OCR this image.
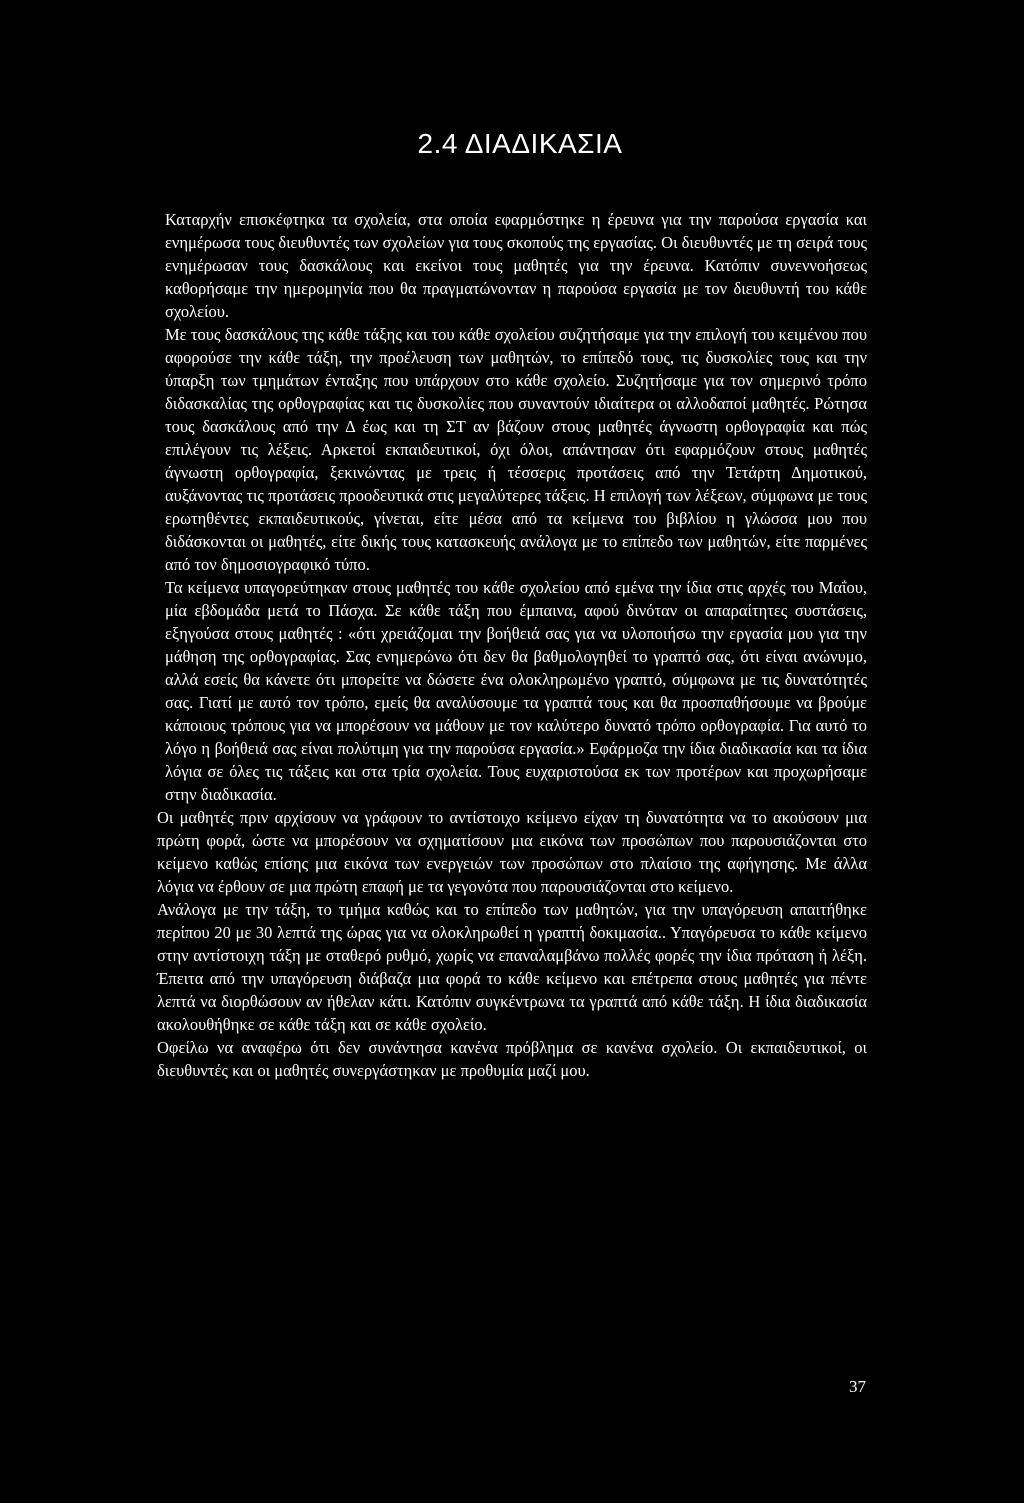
2.4 ΔΙΑΔΙΚΑΣΙΑ

Καταρχήν επισκέφτηκα τα σχολεία, στα οποία εφαρμόστηκε η έρευνα για την παρούσα εργασία και ενημέρωσα τους διευθυντές των σχολείων για τους σκοπούς της εργασίας. Οι διευθυντές με τη σειρά τους ενημέρωσαν τους δασκάλους και εκείνοι τους μαθητές για την έρευνα. Κατόπιν συνεννοήσεως καθορήσαμε την ημερομηνία που θα πραγματώνονταν η παρούσα εργασία με τον διευθυντή του κάθε σχολείου.

Με τους δασκάλους της κάθε τάξης και του κάθε σχολείου συζητήσαμε για την επιλογή του κειμένου που αφορούσε την κάθε τάξη, την προέλευση των μαθητών, το επίπεδό τους, τις δυσκολίες τους και την ύπαρξη των τμημάτων ένταξης που υπάρχουν στο κάθε σχολείο. Συζητήσαμε για τον σημερινό τρόπο διδασκαλίας της ορθογραφίας και τις δυσκολίες που συναντούν ιδιαίτερα οι αλλοδαποί μαθητές. Ρώτησα τους δασκάλους από την Δ έως και τη ΣΤ αν βάζουν στους μαθητές άγνωστη ορθογραφία και πώς επιλέγουν τις λέξεις. Αρκετοί εκπαιδευτικοί, όχι όλοι, απάντησαν ότι εφαρμόζουν στους μαθητές άγνωστη ορθογραφία, ξεκινώντας με τρεις ή τέσσερις προτάσεις από την Τετάρτη Δημοτικού, αυξάνοντας τις προτάσεις προοδευτικά στις μεγαλύτερες τάξεις. Η επιλογή των λέξεων, σύμφωνα με τους ερωτηθέντες εκπαιδευτικούς, γίνεται, είτε μέσα από τα κείμενα του βιβλίου η γλώσσα μου που διδάσκονται οι μαθητές, είτε δικής τους κατασκευής ανάλογα με το επίπεδο των μαθητών, είτε παρμένες από τον δημοσιογραφικό τύπο.

Τα κείμενα υπαγορεύτηκαν στους μαθητές του κάθε σχολείου από εμένα την ίδια στις αρχές του Μαΐου, μία εβδομάδα μετά το Πάσχα. Σε κάθε τάξη που έμπαινα, αφού δινόταν οι απαραίτητες συστάσεις, εξηγούσα στους μαθητές : «ότι χρειάζομαι την βοήθειά σας για να υλοποιήσω την εργασία μου για την μάθηση της ορθογραφίας. Σας ενημερώνω ότι δεν θα βαθμολογηθεί το γραπτό σας, ότι είναι ανώνυμο, αλλά εσείς θα κάνετε ότι μπορείτε να δώσετε ένα ολοκληρωμένο γραπτό, σύμφωνα με τις δυνατότητές σας. Γιατί με αυτό τον τρόπο, εμείς θα αναλύσουμε τα γραπτά τους και θα προσπαθήσουμε να βρούμε κάποιους τρόπους για να μπορέσουν να μάθουν με τον καλύτερο δυνατό τρόπο ορθογραφία. Για αυτό το λόγο η βοήθειά σας είναι πολύτιμη για την παρούσα εργασία.» Εφάρμοζα την ίδια διαδικασία και τα ίδια λόγια σε όλες τις τάξεις και στα τρία σχολεία. Τους ευχαριστούσα εκ των προτέρων και προχωρήσαμε στην διαδικασία.

Οι μαθητές πριν αρχίσουν να γράφουν το αντίστοιχο κείμενο είχαν τη δυνατότητα να το ακούσουν μια πρώτη φορά, ώστε να μπορέσουν να σχηματίσουν μια εικόνα των προσώπων που παρουσιάζονται στο κείμενο καθώς επίσης μια εικόνα των ενεργειών των προσώπων στο πλαίσιο της αφήγησης. Με άλλα λόγια να έρθουν σε μια πρώτη επαφή με τα γεγονότα που παρουσιάζονται στο κείμενο.

Ανάλογα με την τάξη, το τμήμα καθώς και το επίπεδο των μαθητών, για την υπαγόρευση απαιτήθηκε περίπου 20 με 30 λεπτά της ώρας για να ολοκληρωθεί η γραπτή δοκιμασία.. Υπαγόρευσα το κάθε κείμενο στην αντίστοιχη τάξη με σταθερό ρυθμό, χωρίς να επαναλαμβάνω πολλές φορές την ίδια πρόταση ή λέξη. Έπειτα από την υπαγόρευση διάβαζα μια φορά το κάθε κείμενο και επέτρεπα στους μαθητές για πέντε λεπτά να διορθώσουν αν ήθελαν κάτι. Κατόπιν συγκέντρωνα τα γραπτά από κάθε τάξη. Η ίδια διαδικασία ακολουθήθηκε σε κάθε τάξη και σε κάθε σχολείο.

Οφείλω να αναφέρω ότι δεν συνάντησα κανένα πρόβλημα σε κανένα σχολείο. Οι εκπαιδευτικοί, οι διευθυντές και οι μαθητές συνεργάστηκαν με προθυμία μαζί μου.

37
